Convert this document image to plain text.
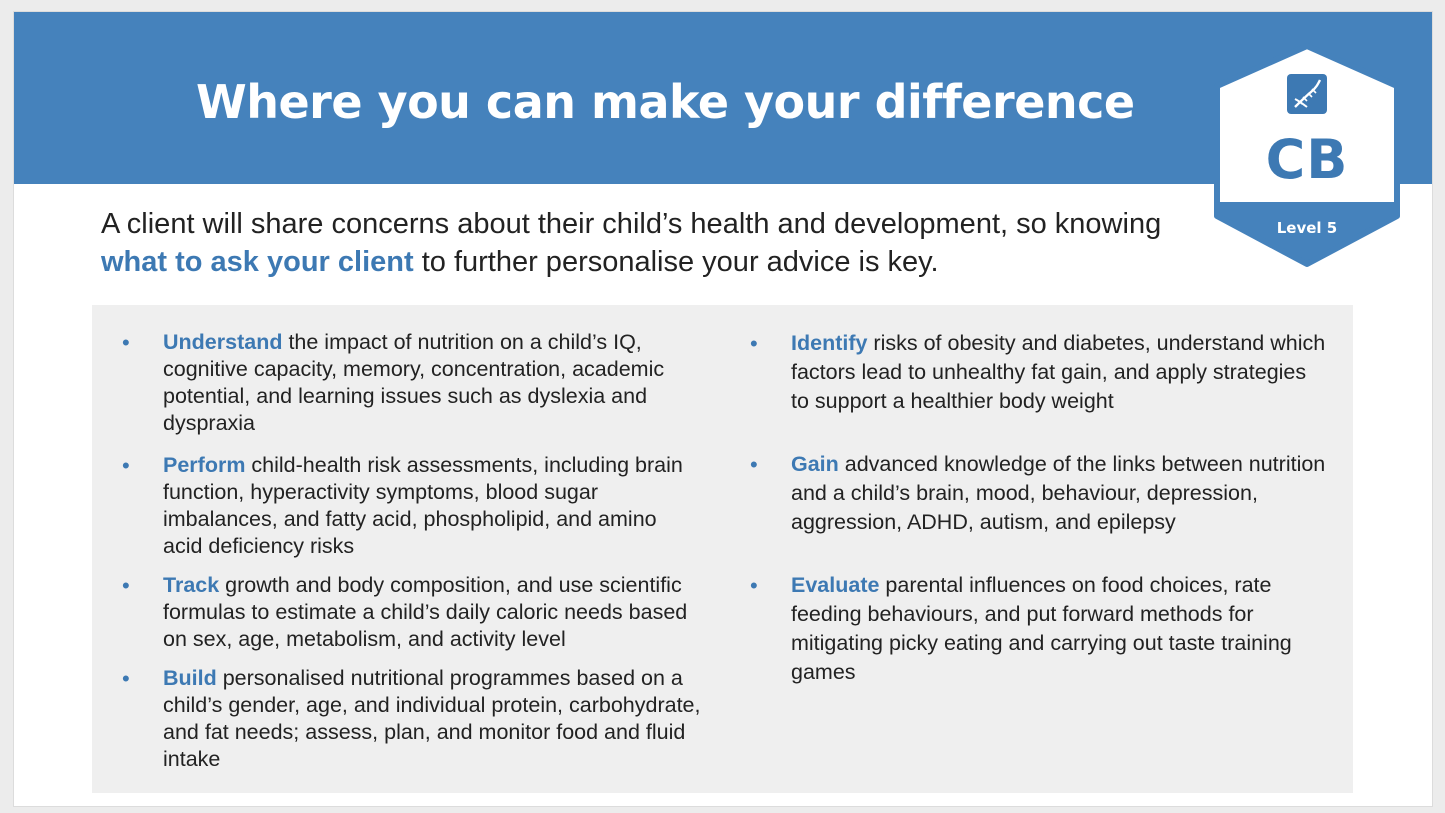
Where you can make your difference
CB
Level 5

A client will share concerns about their child’s health and development, so knowing what to ask your client to further personalise your advice is key.

• Understand the impact of nutrition on a child’s IQ, cognitive capacity, memory, concentration, academic potential, and learning issues such as dyslexia and dyspraxia
• Perform child-health risk assessments, including brain function, hyperactivity symptoms, blood sugar imbalances, and fatty acid, phospholipid, and amino acid deficiency risks
• Track growth and body composition, and use scientific formulas to estimate a child’s daily caloric needs based on sex, age, metabolism, and activity level
• Build personalised nutritional programmes based on a child’s gender, age, and individual protein, carbohydrate, and fat needs; assess, plan, and monitor food and fluid intake
• Identify risks of obesity and diabetes, understand which factors lead to unhealthy fat gain, and apply strategies to support a healthier body weight
• Gain advanced knowledge of the links between nutrition and a child’s brain, mood, behaviour, depression, aggression, ADHD, autism, and epilepsy
• Evaluate parental influences on food choices, rate feeding behaviours, and put forward methods for mitigating picky eating and carrying out taste training games
